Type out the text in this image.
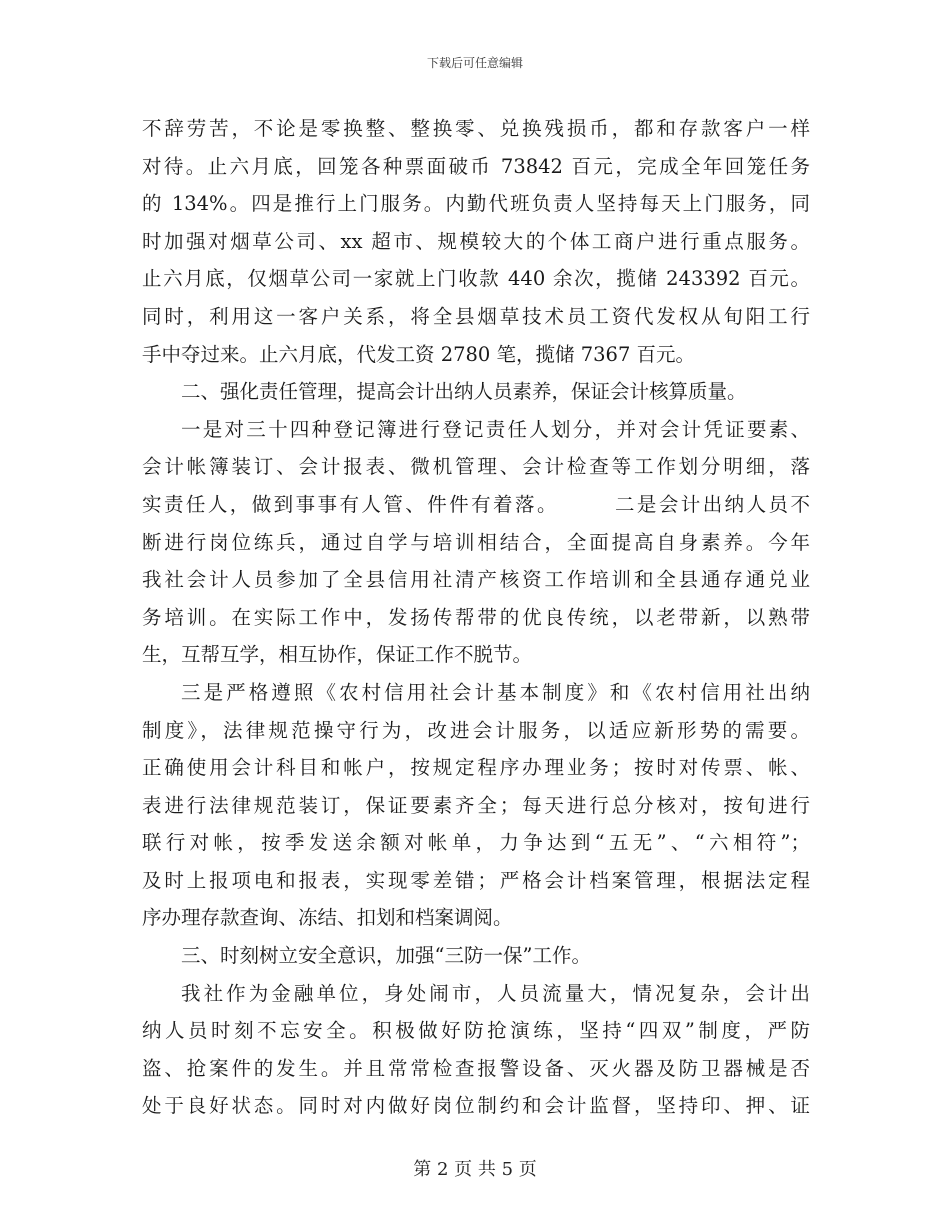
下载后可任意编辑
不辞劳苦，不论是零换整、整换零、兑换残损币，都和存款客户一样
对待。止六月底，回笼各种票面破币 73842 百元，完成全年回笼任务
的 134%。四是推行上门服务。内勤代班负责人坚持每天上门服务，同
时加强对烟草公司、xx 超市、规模较大的个体工商户进行重点服务。
止六月底，仅烟草公司一家就上门收款 440 余次，揽储 243392 百元。
同时，利用这一客户关系，将全县烟草技术员工资代发权从旬阳工行
手中夺过来。止六月底，代发工资 2780 笔，揽储 7367 百元。
二、强化责任管理，提高会计出纳人员素养，保证会计核算质量。
一是对三十四种登记簿进行登记责任人划分，并对会计凭证要素、
会计帐簿装订、会计报表、微机管理、会计检查等工作划分明细，落
实责任人，做到事事有人管、件件有着落。　　　二是会计出纳人员不
断进行岗位练兵，通过自学与培训相结合，全面提高自身素养。今年
我社会计人员参加了全县信用社清产核资工作培训和全县通存通兑业
务培训。在实际工作中，发扬传帮带的优良传统，以老带新，以熟带
生，互帮互学，相互协作，保证工作不脱节。
三是严格遵照《农村信用社会计基本制度》和《农村信用社出纳
制度》，法律规范操守行为，改进会计服务，以适应新形势的需要。
正确使用会计科目和帐户，按规定程序办理业务；按时对传票、帐、
表进行法律规范装订，保证要素齐全；每天进行总分核对，按旬进行
联行对帐，按季发送余额对帐单，力争达到“五无”、“六相符”；
及时上报项电和报表，实现零差错；严格会计档案管理，根据法定程
序办理存款查询、冻结、扣划和档案调阅。
三、时刻树立安全意识，加强“三防一保”工作。
我社作为金融单位，身处闹市，人员流量大，情况复杂，会计出
纳人员时刻不忘安全。积极做好防抢演练，坚持“四双”制度，严防
盗、抢案件的发生。并且常常检查报警设备、灭火器及防卫器械是否
处于良好状态。同时对内做好岗位制约和会计监督，坚持印、押、证
第 2 页 共 5 页
